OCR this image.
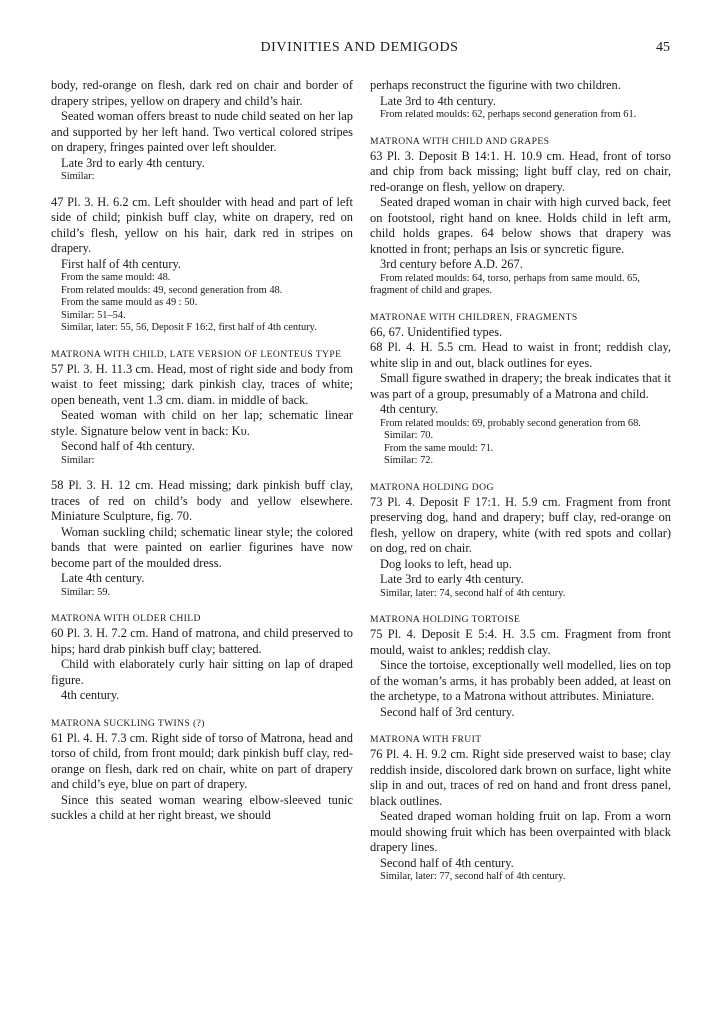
DIVINITIES AND DEMIGODS	45

body, red-orange on flesh, dark red on chair and border of drapery stripes, yellow on drapery and child’s hair.

Seated woman offers breast to nude child seated on her lap and supported by her left hand. Two vertical colored stripes on drapery, fringes painted over left shoulder.

Late 3rd to early 4th century.

Similar:

47 Pl. 3. H. 6.2 cm. Left shoulder with head and part of left side of child; pinkish buff clay, white on drapery, red on child’s flesh, yellow on his hair, dark red in stripes on drapery.

First half of 4th century.

From the same mould: 48.

From related moulds: 49, second generation from 48.

From the same mould as 49 : 50.

Similar: 51–54.

Similar, later: 55, 56, Deposit F 16:2, first half of 4th century.

MATRONA WITH CHILD, LATE VERSION OF LEONTEUS TYPE

57 Pl. 3. H. 11.3 cm. Head, most of right side and body from waist to feet missing; dark pinkish clay, traces of white; open beneath, vent 1.3 cm. diam. in middle of back.

Seated woman with child on her lap; schematic linear style. Signature below vent in back: Κυ.

Second half of 4th century.

Similar:

58 Pl. 3. H. 12 cm. Head missing; dark pinkish buff clay, traces of red on child’s body and yellow elsewhere. Miniature Sculpture, fig. 70.

Woman suckling child; schematic linear style; the colored bands that were painted on earlier figurines have now become part of the moulded dress.

Late 4th century.

Similar: 59.

MATRONA WITH OLDER CHILD

60 Pl. 3. H. 7.2 cm. Hand of matrona, and child preserved to hips; hard drab pinkish buff clay; battered.

Child with elaborately curly hair sitting on lap of draped figure.

4th century.

MATRONA SUCKLING TWINS (?)

61 Pl. 4. H. 7.3 cm. Right side of torso of Matrona, head and torso of child, from front mould; dark pinkish buff clay, red-orange on flesh, dark red on chair, white on part of drapery and child’s eye, blue on part of drapery.

Since this seated woman wearing elbow-sleeved tunic suckles a child at her right breast, we should

perhaps reconstruct the figurine with two children.

Late 3rd to 4th century.

From related moulds: 62, perhaps second generation from 61.

MATRONA WITH CHILD AND GRAPES

63 Pl. 3. Deposit B 14:1. H. 10.9 cm. Head, front of torso and chip from back missing; light buff clay, red on chair, red-orange on flesh, yellow on drapery.

Seated draped woman in chair with high curved back, feet on footstool, right hand on knee. Holds child in left arm, child holds grapes. 64 below shows that drapery was knotted in front; perhaps an Isis or syncretic figure.

3rd century before A.D. 267.

From related moulds: 64, torso, perhaps from same mould. 65, fragment of child and grapes.

MATRONAE WITH CHILDREN, FRAGMENTS

66, 67. Unidentified types.

68 Pl. 4. H. 5.5 cm. Head to waist in front; reddish clay, white slip in and out, black outlines for eyes.

Small figure swathed in drapery; the break indicates that it was part of a group, presumably of a Matrona and child.

4th century.

From related moulds: 69, probably second generation from 68.

Similar: 70.

From the same mould: 71.

Similar: 72.

MATRONA HOLDING DOG

73 Pl. 4. Deposit F 17:1. H. 5.9 cm. Fragment from front preserving dog, hand and drapery; buff clay, red-orange on flesh, yellow on drapery, white (with red spots and collar) on dog, red on chair.

Dog looks to left, head up.

Late 3rd to early 4th century.

Similar, later: 74, second half of 4th century.

MATRONA HOLDING TORTOISE

75 Pl. 4. Deposit E 5:4. H. 3.5 cm. Fragment from front mould, waist to ankles; reddish clay.

Since the tortoise, exceptionally well modelled, lies on top of the woman’s arms, it has probably been added, at least on the archetype, to a Matrona without attributes. Miniature.

Second half of 3rd century.

MATRONA WITH FRUIT

76 Pl. 4. H. 9.2 cm. Right side preserved waist to base; clay reddish inside, discolored dark brown on surface, light white slip in and out, traces of red on hand and front dress panel, black outlines.

Seated draped woman holding fruit on lap. From a worn mould showing fruit which has been overpainted with black drapery lines.

Second half of 4th century.

Similar, later: 77, second half of 4th century.
